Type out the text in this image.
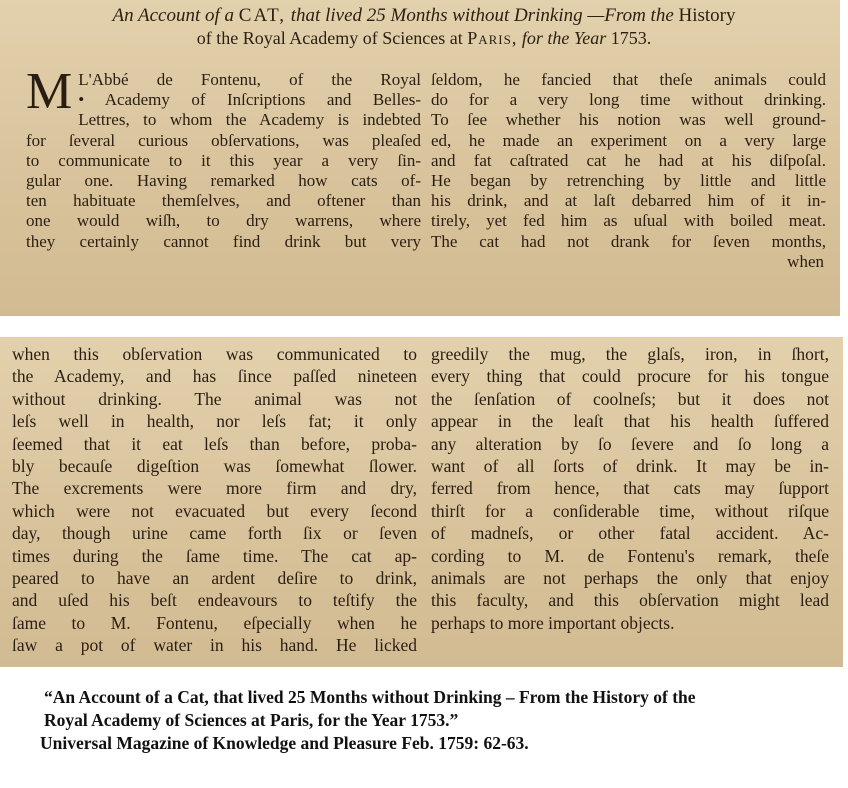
An Account of a CAT, that lived 25 Months without Drinking —From the History
of the Royal Academy of Sciences at Paris, for the Year 1753.

M L'Abbé de Fontenu, of the Royal
• Academy of Inſcriptions and Belles-
Lettres, to whom the Academy is indebted
for ſeveral curious obſervations, was pleaſed
to communicate to it this year a very ſin-
gular one. Having remarked how cats of-
ten habituate themſelves, and oftener than
one would wiſh, to dry warrens, where
they certainly cannot find drink but very
ſeldom, he fancied that theſe animals could
do for a very long time without drinking.
To ſee whether his notion was well ground-
ed, he made an experiment on a very large
and fat caſtrated cat he had at his diſpoſal.
He began by retrenching by little and little
his drink, and at laſt debarred him of it in-
tirely, yet fed him as uſual with boiled meat.
The cat had not drank for ſeven months,
when
when this obſervation was communicated to
the Academy, and has ſince paſſed nineteen
without drinking. The animal was not
leſs well in health, nor leſs fat; it only
ſeemed that it eat leſs than before, proba-
bly becauſe digeſtion was ſomewhat ſlower.
The excrements were more firm and dry,
which were not evacuated but every ſecond
day, though urine came forth ſix or ſeven
times during the ſame time. The cat ap-
peared to have an ardent deſire to drink,
and uſed his beſt endeavours to teſtify the
ſame to M. Fontenu, eſpecially when he
ſaw a pot of water in his hand. He licked
greedily the mug, the glaſs, iron, in ſhort,
every thing that could procure for his tongue
the ſenſation of coolneſs; but it does not
appear in the leaſt that his health ſuffered
any alteration by ſo ſevere and ſo long a
want of all ſorts of drink. It may be in-
ferred from hence, that cats may ſupport
thirſt for a conſiderable time, without riſque
of madneſs, or other fatal accident. Ac-
cording to M. de Fontenu's remark, theſe
animals are not perhaps the only that enjoy
this faculty, and this obſervation might lead
perhaps to more important objects.

“An Account of a Cat, that lived 25 Months without Drinking – From the History of the
Royal Academy of Sciences at Paris, for the Year 1753.”
Universal Magazine of Knowledge and Pleasure Feb. 1759: 62-63.
